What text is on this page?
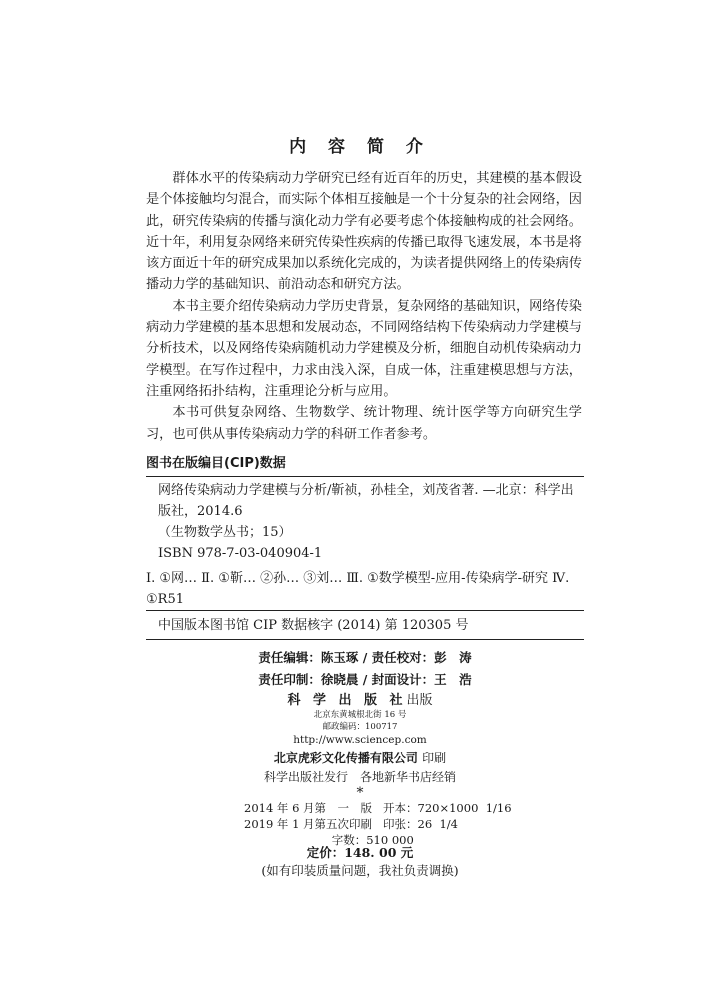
内 容 简 介

群体水平的传染病动力学研究已经有近百年的历史，其建模的基本假设是个体接触均匀混合，而实际个体相互接触是一个十分复杂的社会网络，因此，研究传染病的传播与演化动力学有必要考虑个体接触构成的社会网络。近十年，利用复杂网络来研究传染性疾病的传播已取得飞速发展，本书是将该方面近十年的研究成果加以系统化完成的，为读者提供网络上的传染病传播动力学的基础知识、前沿动态和研究方法。

本书主要介绍传染病动力学历史背景，复杂网络的基础知识，网络传染病动力学建模的基本思想和发展动态，不同网络结构下传染病动力学建模与分析技术，以及网络传染病随机动力学建模及分析，细胞自动机传染病动力学模型。在写作过程中，力求由浅入深，自成一体，注重建模思想与方法，注重网络拓扑结构，注重理论分析与应用。

本书可供复杂网络、生物数学、统计物理、统计医学等方向研究生学习，也可供从事传染病动力学的科研工作者参考。

图书在版编目(CIP)数据

网络传染病动力学建模与分析/靳祯，孙桂全，刘茂省著. —北京：科学出版社，2014.6

（生物数学丛书；15）

ISBN 978-7-03-040904-1

Ⅰ. ①网… Ⅱ. ①靳… ②孙… ③刘… Ⅲ. ①数学模型-应用-传染病学-研究 Ⅳ. ①R51

中国版本图书馆 CIP 数据核字 (2014) 第 120305 号

责任编辑：陈玉琢 / 责任校对：彭　涛

责任印制：徐晓晨 / 封面设计：王　浩

科 学 出 版 社出版

北京东黄城根北街 16 号

邮政编码：100717

http://www.sciencep.com

北京虎彩文化传播有限公司 印刷

科学出版社发行　各地新华书店经销

*

2014 年 6 月第　一　版 开本：720×1000  1/16

2019 年 1 月第五次印刷 印张：26  1/4

字数：510 000

定价：148. 00 元

(如有印装质量问题，我社负责调换)
